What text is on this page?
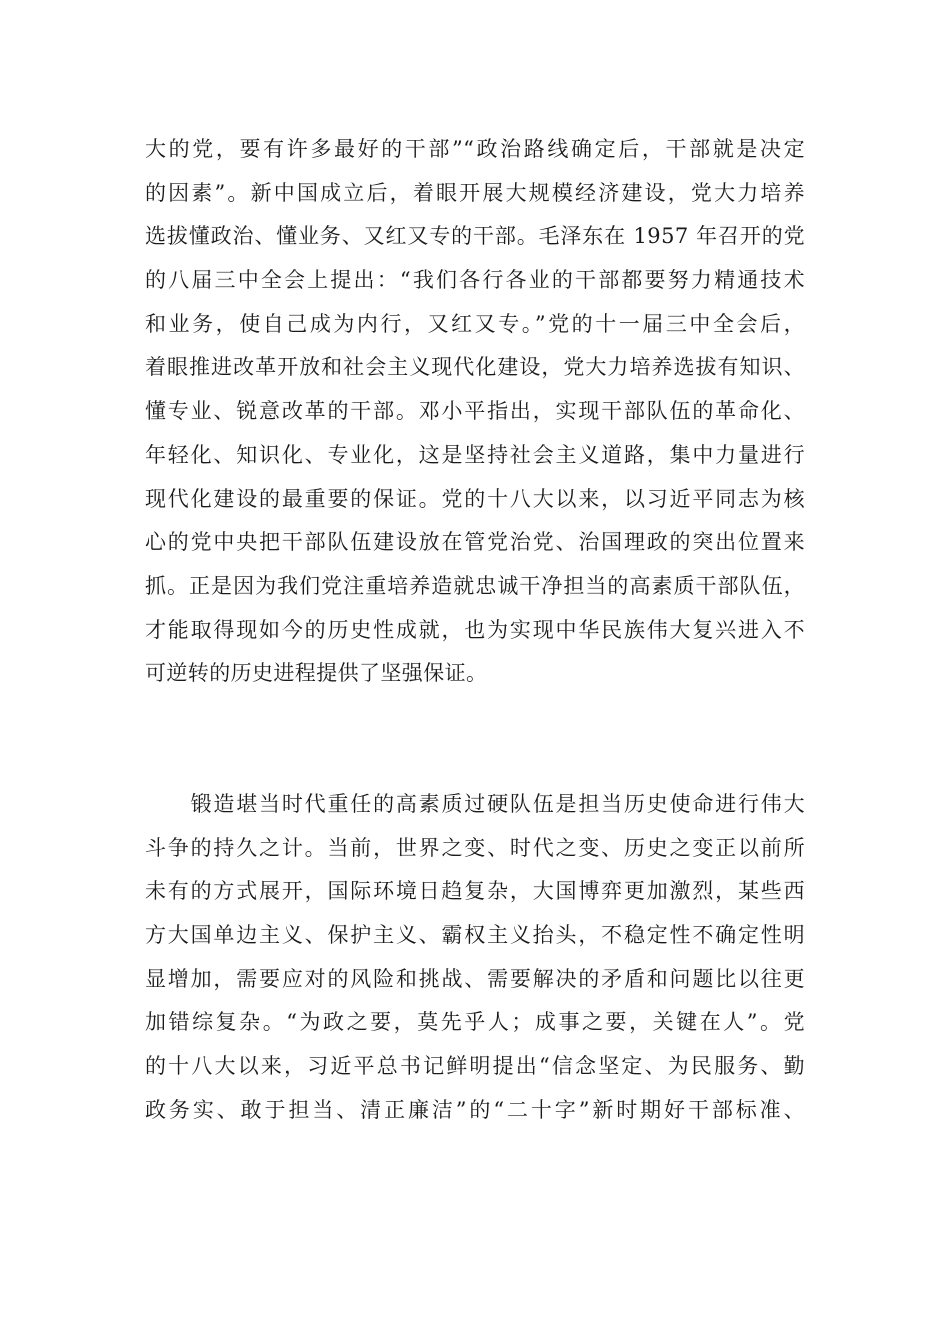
大的党，要有许多最好的干部”“政治路线确定后，干部就是决定
的因素”。新中国成立后，着眼开展大规模经济建设，党大力培养
选拔懂政治、懂业务、又红又专的干部。毛泽东在 1957 年召开的党
的八届三中全会上提出：“我们各行各业的干部都要努力精通技术
和业务，使自己成为内行，又红又专。”党的十一届三中全会后，
着眼推进改革开放和社会主义现代化建设，党大力培养选拔有知识、
懂专业、锐意改革的干部。邓小平指出，实现干部队伍的革命化、
年轻化、知识化、专业化，这是坚持社会主义道路，集中力量进行
现代化建设的最重要的保证。党的十八大以来，以习近平同志为核
心的党中央把干部队伍建设放在管党治党、治国理政的突出位置来
抓。正是因为我们党注重培养造就忠诚干净担当的高素质干部队伍，
才能取得现如今的历史性成就，也为实现中华民族伟大复兴进入不
可逆转的历史进程提供了坚强保证。
　　锻造堪当时代重任的高素质过硬队伍是担当历史使命进行伟大
斗争的持久之计。当前，世界之变、时代之变、历史之变正以前所
未有的方式展开，国际环境日趋复杂，大国博弈更加激烈，某些西
方大国单边主义、保护主义、霸权主义抬头，不稳定性不确定性明
显增加，需要应对的风险和挑战、需要解决的矛盾和问题比以往更
加错综复杂。“为政之要，莫先乎人；成事之要，关键在人”。党
的十八大以来，习近平总书记鲜明提出“信念坚定、为民服务、勤
政务实、敢于担当、清正廉洁”的“二十字”新时期好干部标准、
